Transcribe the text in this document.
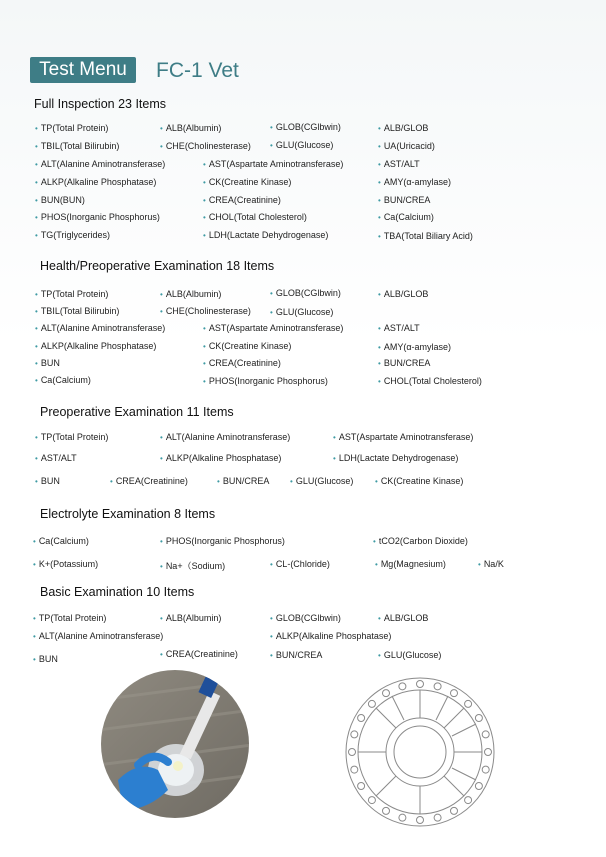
Test Menu	FC-1 Vet
Full Inspection 23 Items
• TP(Total Protein)	• ALB(Albumin)	• GLOB(CGlbwin)	• ALB/GLOB
• TBIL(Total Bilirubin)	• CHE(Cholinesterase)	• GLU(Glucose)	• UA(Uricacid)
• ALT(Alanine Aminotransferase)	• AST(Aspartate Aminotransferase)	• AST/ALT
• ALKP(Alkaline Phosphatase)	• CK(Creatine Kinase)	• AMY(α-amylase)
• BUN(BUN)	• CREA(Creatinine)	• BUN/CREA
• PHOS(Inorganic Phosphorus)	• CHOL(Total Cholesterol)	• Ca(Calcium)
• TG(Triglycerides)	• LDH(Lactate Dehydrogenase)	• TBA(Total Biliary Acid)
Health/Preoperative Examination 18 Items
• TP(Total Protein)	• ALB(Albumin)	• GLOB(CGlbwin)	• ALB/GLOB
• TBIL(Total Bilirubin)	• CHE(Cholinesterase)	• GLU(Glucose)
• ALT(Alanine Aminotransferase)	• AST(Aspartate Aminotransferase)	• AST/ALT
• ALKP(Alkaline Phosphatase)	• CK(Creatine Kinase)	• AMY(α-amylase)
• BUN	• CREA(Creatinine)	• BUN/CREA
• Ca(Calcium)	• PHOS(Inorganic Phosphorus)	• CHOL(Total Cholesterol)
Preoperative Examination 11 Items
• TP(Total Protein)	• ALT(Alanine Aminotransferase)	• AST(Aspartate Aminotransferase)
• AST/ALT	• ALKP(Alkaline Phosphatase)	• LDH(Lactate Dehydrogenase)
• BUN	• CREA(Creatinine)	• BUN/CREA	• GLU(Glucose)	• CK(Creatine Kinase)
Electrolyte Examination 8 Items
• Ca(Calcium)	• PHOS(Inorganic Phosphorus)	• tCO2(Carbon Dioxide)
• K+(Potassium)	• Na+（Sodium)	• CL-(Chloride)	• Mg(Magnesium)	• Na/K
Basic Examination 10 Items
• TP(Total Protein)	• ALB(Albumin)	• GLOB(CGlbwin)	• ALB/GLOB
• ALT(Alanine Aminotransferase)	• ALKP(Alkaline Phosphatase)
• BUN	• CREA(Creatinine)	• BUN/CREA	• GLU(Glucose)
